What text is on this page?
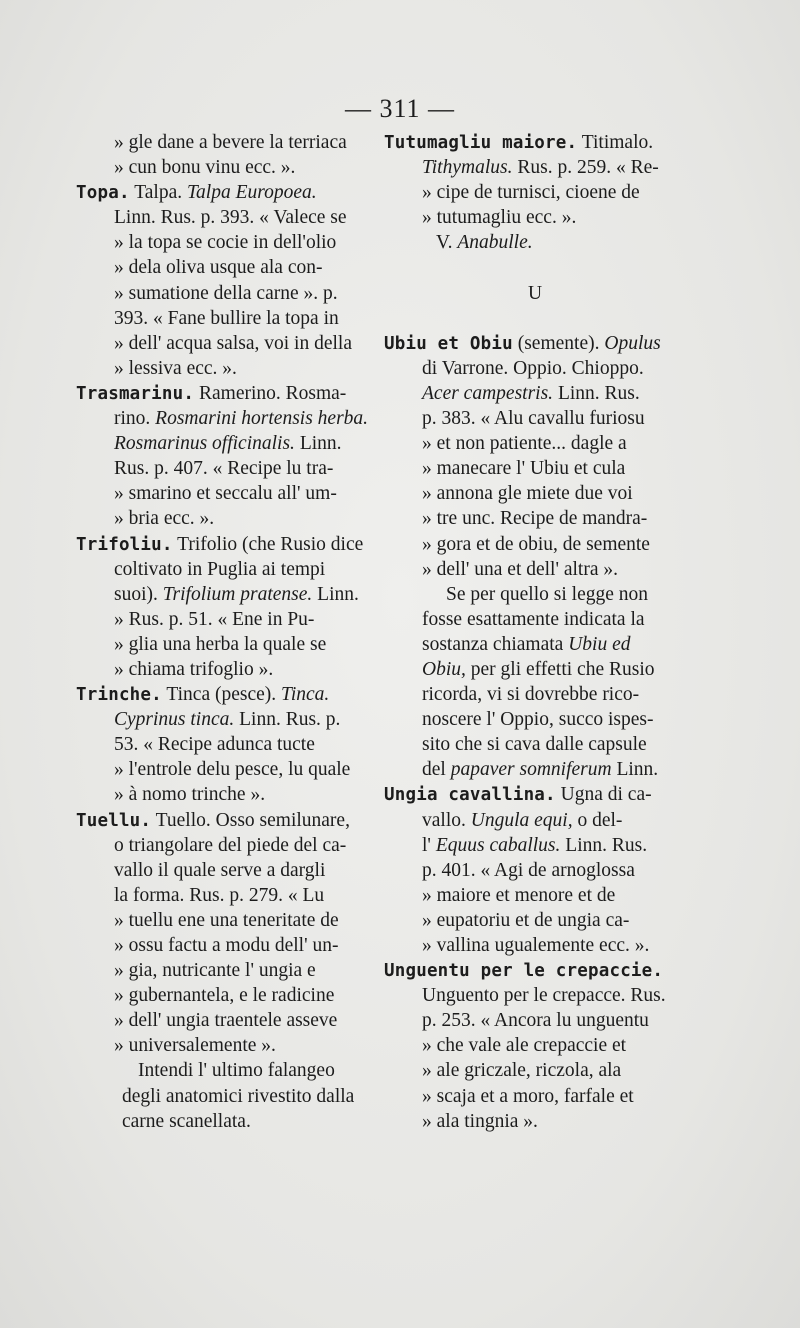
— 311 —
» gle dane a bevere la terriaca
» cun bonu vinu ecc. ».
Topa. Talpa. Talpa Europoea.
Linn. Rus. p. 393. « Valece se
» la topa se cocie in dell'olio
» dela oliva usque ala con-
» sumatione della carne ». p.
393. « Fane bullire la topa in
» dell' acqua salsa, voi in della
» lessiva ecc. ».
Trasmarinu. Ramerino. Rosma-
rino. Rosmarini hortensis herba.
Rosmarinus officinalis. Linn.
Rus. p. 407. « Recipe lu tra-
» smarino et seccalu all' um-
» bria ecc. ».
Trifoliu. Trifolio (che Rusio dice
coltivato in Puglia ai tempi
suoi). Trifolium pratense. Linn.
» Rus. p. 51. « Ene in Pu-
» glia una herba la quale se
» chiama trifoglio ».
Trinche. Tinca (pesce). Tinca.
Cyprinus tinca. Linn. Rus. p.
53. « Recipe adunca tucte
» l'entrole delu pesce, lu quale
» à nomo trinche ».
Tuellu. Tuello. Osso semilunare,
o triangolare del piede del ca-
vallo il quale serve a dargli
la forma. Rus. p. 279. « Lu
» tuellu ene una teneritate de
» ossu factu a modu dell' un-
» gia, nutricante l' ungia e
» gubernantela, e le radicine
» dell' ungia traentele asseve
» universalemente ».
Intendi l' ultimo falangeo
degli anatomici rivestito dalla
carne scanellata.
Tutumagliu maiore. Titimalo.
Tithymalus. Rus. p. 259. « Re-
» cipe de turnisci, cioene de
» tutumagliu ecc. ».
V. Anabulle.
U
Ubiu et Obiu (semente). Opulus
di Varrone. Oppio. Chioppo.
Acer campestris. Linn. Rus.
p. 383. « Alu cavallu furiosu
» et non patiente... dagle a
» manecare l' Ubiu et cula
» annona gle miete due voi
» tre unc. Recipe de mandra-
» gora et de obiu, de semente
» dell' una et dell' altra ».
Se per quello si legge non
fosse esattamente indicata la
sostanza chiamata Ubiu ed
Obiu, per gli effetti che Rusio
ricorda, vi si dovrebbe rico-
noscere l' Oppio, succo ispes-
sito che si cava dalle capsule
del papaver somniferum Linn.
Ungia cavallina. Ugna di ca-
vallo. Ungula equi, o del-
l' Equus caballus. Linn. Rus.
p. 401. « Agi de arnoglossa
» maiore et menore et de
» eupatoriu et de ungia ca-
» vallina ugualemente ecc. ».
Unguentu per le crepaccie.
Unguento per le crepacce. Rus.
p. 253. « Ancora lu unguentu
» che vale ale crepaccie et
» ale griczale, riczola, ala
» scaja et a moro, farfale et
» ala tingnia ».
